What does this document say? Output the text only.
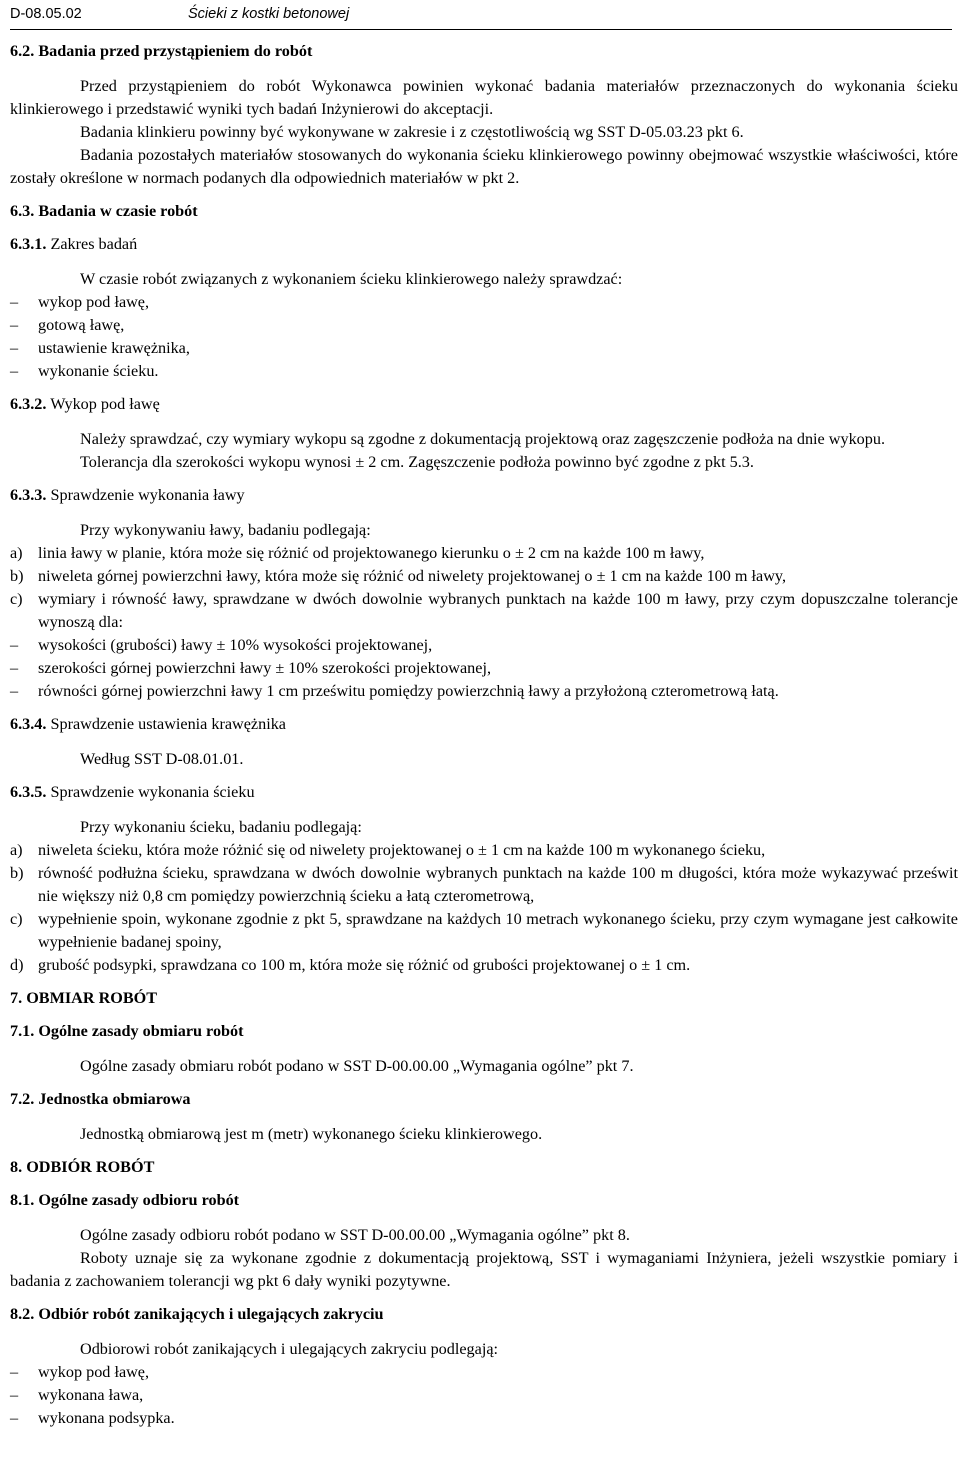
D-08.05.02	Ścieki z kostki betonowej

6.2. Badania przed przystąpieniem do robót

Przed przystąpieniem do robót Wykonawca powinien wykonać badania materiałów przeznaczonych do wykonania ścieku klinkierowego i przedstawić wyniki tych badań Inżynierowi do akceptacji.

Badania klinkieru powinny być wykonywane w zakresie i z częstotliwością wg SST D-05.03.23 pkt 6.

Badania pozostałych materiałów stosowanych do wykonania ścieku klinkierowego powinny obejmować wszystkie właściwości, które zostały określone w normach podanych dla odpowiednich materiałów w pkt 2.

6.3. Badania w czasie robót

6.3.1. Zakres badań

W czasie robót związanych z wykonaniem ścieku klinkierowego należy sprawdzać:

–	wykop pod ławę,
–	gotową ławę,
–	ustawienie krawężnika,
–	wykonanie ścieku.

6.3.2. Wykop pod ławę

Należy sprawdzać, czy wymiary wykopu są zgodne z dokumentacją projektową oraz zagęszczenie podłoża na dnie wykopu.

Tolerancja dla szerokości wykopu wynosi ± 2 cm. Zagęszczenie podłoża powinno być zgodne z pkt 5.3.

6.3.3. Sprawdzenie wykonania ławy

Przy wykonywaniu ławy, badaniu podlegają:

a) linia ławy w planie, która może się różnić od projektowanego kierunku o ± 2 cm na każde 100 m ławy,
b) niweleta górnej powierzchni ławy, która może się różnić od niwelety projektowanej o ± 1 cm na każde 100 m ławy,
c) wymiary i równość ławy, sprawdzane w dwóch dowolnie wybranych punktach na każde 100 m ławy, przy czym dopuszczalne tolerancje wynoszą dla:
–	wysokości (grubości) ławy ± 10% wysokości projektowanej,
–	szerokości górnej powierzchni ławy ± 10% szerokości projektowanej,
–	równości górnej powierzchni ławy 1 cm prześwitu pomiędzy powierzchnią ławy a przyłożoną czterometrową łatą.

6.3.4. Sprawdzenie ustawienia krawężnika

Według SST D-08.01.01.

6.3.5. Sprawdzenie wykonania ścieku

Przy wykonaniu ścieku, badaniu podlegają:

a) niweleta ścieku, która może różnić się od niwelety projektowanej o ± 1 cm na każde 100 m wykonanego ścieku,
b) równość podłużna ścieku, sprawdzana w dwóch dowolnie wybranych punktach na każde 100 m długości, która może wykazywać prześwit nie większy niż 0,8 cm pomiędzy powierzchnią ścieku a łatą czterometrową,
c) wypełnienie spoin, wykonane zgodnie z pkt 5, sprawdzane na każdych 10 metrach wykonanego ścieku, przy czym wymagane jest całkowite wypełnienie badanej spoiny,
d) grubość podsypki, sprawdzana co 100 m, która może się różnić od grubości projektowanej o ± 1 cm.

7. OBMIAR ROBÓT

7.1. Ogólne zasady obmiaru robót

Ogólne zasady obmiaru robót podano w SST D-00.00.00 „Wymagania ogólne” pkt 7.

7.2. Jednostka obmiarowa

Jednostką obmiarową jest m (metr) wykonanego ścieku klinkierowego.

8. ODBIÓR ROBÓT

8.1. Ogólne zasady odbioru robót

Ogólne zasady odbioru robót podano w SST D-00.00.00 „Wymagania ogólne” pkt 8.

Roboty uznaje się za wykonane zgodnie z dokumentacją projektową, SST i wymaganiami Inżyniera, jeżeli wszystkie pomiary i badania z zachowaniem tolerancji wg pkt 6 dały wyniki pozytywne.

8.2. Odbiór robót zanikających i ulegających zakryciu

Odbiorowi robót zanikających i ulegających zakryciu podlegają:

–	wykop pod ławę,
–	wykonana ława,
–	wykonana podsypka.
